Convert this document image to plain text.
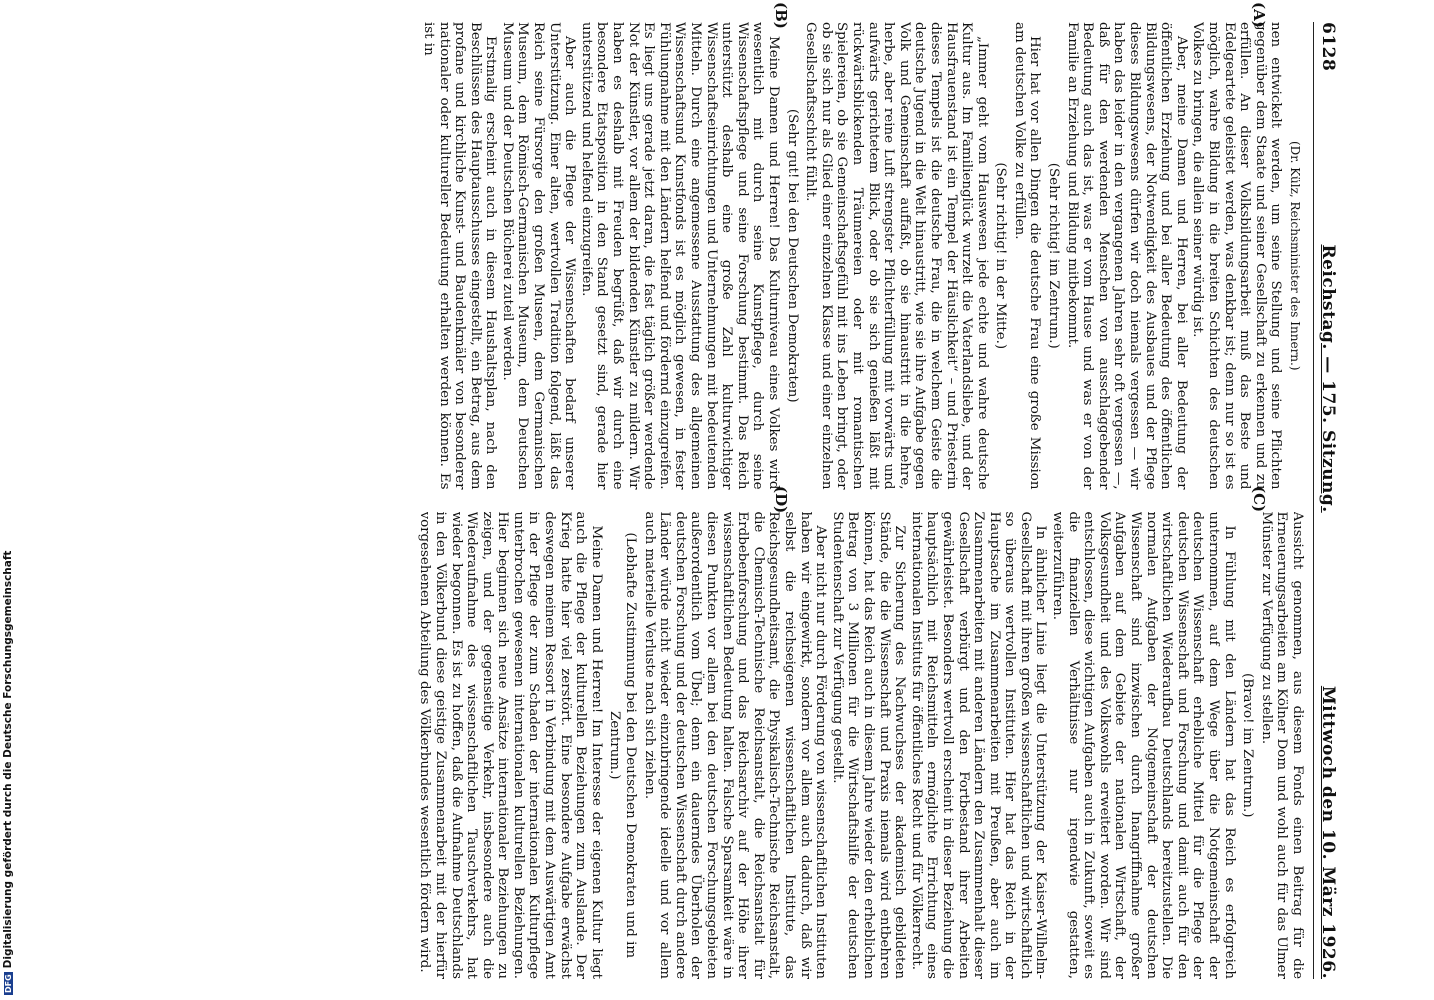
6128
Reichstag. — 175. Sitzung.
Mittwoch den 10. März 1926.

(Dr. Külz, Reichsminister des Innern.)

nen entwickelt werden, um seine Stellung und seine Pflichten gegenüber dem Staate und seiner Gesellschaft zu erkennen und zu erfüllen. An dieser Volksbildungsarbeit muß das Beste und Edelgeartete geleistet werden, was denkbar ist; denn nur so ist es möglich, wahre Bildung in die breiten Schichten des deutschen Volkes zu bringen, die allein seiner würdig ist.

Aber, meine Damen und Herren, bei aller Bedeutung der öffentlichen Erziehung und bei aller Bedeutung des öffentlichen Bildungswesens, der Notwendigkeit des Ausbaues und der Pflege dieses Bildungswesens dürfen wir doch niemals vergessen — wir haben das leider in den vergangenen Jahren sehr oft vergessen —, daß für den werdenden Menschen von ausschlaggebender Bedeutung auch das ist, was er vom Hause und was er von der Familie an Erziehung und Bildung mitbekommt.

(Sehr richtig! im Zentrum.)

Hier hat vor allen Dingen die deutsche Frau eine große Mission am deutschen Volke zu erfüllen.

(Sehr richtig! in der Mitte.)

„Immer geht vom Hauswesen jede echte und wahre deutsche Kultur aus. Im Familienglück wurzelt die Vaterlandsliebe, und der Hausfrauenstand ist ein Tempel der Häuslichkeit“ – und Priesterin dieses Tempels ist die deutsche Frau, die in welchem Geiste die deutsche Jugend in die Welt hinaustritt, wie sie ihre Aufgabe gegen Volk und Gemeinschaft auffaßt, ob sie hinaustritt in die hehre, herbe, aber reine Luft strengster Pflichterfüllung mit vorwärts und aufwärts gerichtetem Blick, oder ob sie sich genießen läßt mit rückwärtsblickenden Träumereien oder mit romantischen Spielereien, ob sie Gemeinschaftsgefühl mit ins Leben bringt, oder ob sie sich nur als Glied einer einzelnen Klasse und einer einzelnen Gesellschaftsschicht fühlt.

(Sehr gut! bei den Deutschen Demokraten)

Meine Damen und Herren! Das Kulturniveau eines Volkes wird wesentlich mit durch seine Kunstpflege, durch seine Wissenschaftspflege und seine Forschung bestimmt. Das Reich unterstützt deshalb eine große Zahl kulturwichtiger Wissenschaftseinrichtungen und Unternehmungen mit bedeutenden Mitteln. Durch eine angemessene Ausstattung des allgemeinen Wissenschaftsund Kunstfonds ist es möglich gewesen, in fester Fühlungnahme mit den Ländern helfend und fördernd einzugreifen. Es liegt uns gerade jetzt daran, die fast täglich größer werdende Not der Künstler, vor allem der bildenden Künstler zu mildern. Wir haben es deshalb mit Freuden begrüßt, daß wir durch eine besondere Etatsposition in den Stand gesetzt sind, gerade hier unterstützend und helfend einzugreifen.

Aber auch die Pflege der Wissenschaften bedarf unserer Unterstützung. Einer alten, wertvollen Tradition folgend, läßt das Reich seine Fürsorge den großen Museen, dem Germanischen Museum, dem Römisch-Germanischen Museum, dem Deutschen Museum und der Deutschen Bücherei zuteil werden.

Erstmalig erscheint auch in diesem Haushaltsplan, nach den Beschlüssen des Hauptausschusses eingestellt, ein Betrag, aus dem profane und kirchliche Kunst- und Baudenkmäler von besonderer nationaler oder kultureller Bedeutung erhalten werden können. Es ist in

Aussicht genommen, aus diesem Fonds einen Beitrag für die Erneuerungsarbeiten am Kölner Dom und wohl auch für das Ulmer Münster zur Verfügung zu stellen.

(Bravo! im Zentrum.)

In Fühlung mit den Ländern hat das Reich es erfolgreich unternommen, auf dem Wege über die Notgemeinschaft der deutschen Wissenschaft erhebliche Mittel für die Pflege der deutschen Wissenschaft und Forschung und damit auch für den wirtschaftlichen Wiederaufbau Deutschlands bereitzustellen. Die normalen Aufgaben der Notgemeinschaft der deutschen Wissenschaft sind inzwischen durch Inangriffnahme großer Aufgaben auf dem Gebiete der nationalen Wirtschaft, der Volksgesundheit und des Volkswohls erweitert worden. Wir sind entschlossen, diese wichtigen Aufgaben auch in Zukunft, soweit es die finanziellen Verhältnisse nur irgendwie gestatten, weiterzuführen.

In ähnlicher Linie liegt die Unterstützung der Kaiser-Wilhelm-Gesellschaft mit ihren großen wissenschaftlichen und wirtschaftlich so überaus wertvollen Instituten. Hier hat das Reich in der Hauptsache im Zusammenarbeiten mit Preußen, aber auch im Zusammenarbeiten mit anderen Ländern den Zusammenhalt dieser Gesellschaft verbürgt und den Fortbestand ihrer Arbeiten gewährleistet. Besonders wertvoll erscheint in dieser Beziehung die hauptsächlich mit Reichsmitteln ermöglichte Errichtung eines internationalen Instituts für öffentliches Recht und für Völkerrecht.

Zur Sicherung des Nachwuchses der akademisch gebildeten Stände, die die Wissenschaft und Praxis niemals wird entbehren können, hat das Reich auch in diesem Jahre wieder den erheblichen Betrag von 3 Millionen für die Wirtschaftshilfe der deutschen Studentenschaft zur Verfügung gestellt.

Aber nicht nur durch Förderung von wissenschaftlichen Instituten haben wir eingewirkt, sondern vor allem auch dadurch, daß wir selbst die reichseigenen wissenschaftlichen Institute, das Reichsgesundheitsamt, die Physikalisch-Technische Reichsanstalt, die Chemisch-Technische Reichsanstalt, die Reichsanstalt für Erdbebenforschung und das Reichsarchiv auf der Höhe ihrer wissenschaftlichen Bedeutung halten. Falsche Sparsamkeit wäre in diesen Punkten vor allem bei den deutschen Forschungsgebieten außerordentlich vom Übel; denn ein dauerndes Überholen der deutschen Forschung und der deutschen Wissenschaft durch andere Länder würde nicht wieder einzubringende ideelle und vor allem auch materielle Verluste nach sich ziehen.

(Lebhafte Zustimmung bei den Deutschen Demokraten und im Zentrum.)

Meine Damen und Herren! Im Interesse der eigenen Kultur liegt auch die Pflege der kulturellen Beziehungen zum Auslande. Der Krieg hatte hier viel zerstört. Eine besondere Aufgabe erwächst deswegen meinem Ressort in Verbindung mit dem Auswärtigen Amt in der Pflege der zum Schaden der internationalen Kulturpflege unterbrochen gewesenen internationalen kulturellen Beziehungen. Hier beginnen sich neue Ansätze internationaler Beziehungen zu zeigen, und der gegenseitige Verkehr, insbesondere auch die Wiederaufnahme des wissenschaftlichen Tauschverkehrs, hat wieder begonnen. Es ist zu hoffen, daß die Aufnahme Deutschlands in den Völkerbund diese geistige Zusammenarbeit mit der hierfür vorgesehenen Abteilung des Völkerbundes wesentlich fördern wird.

(A)
(B)
(C)
(D)
DFGDigitalisierung gefördert durch die Deutsche Forschungsgemeinschaft
